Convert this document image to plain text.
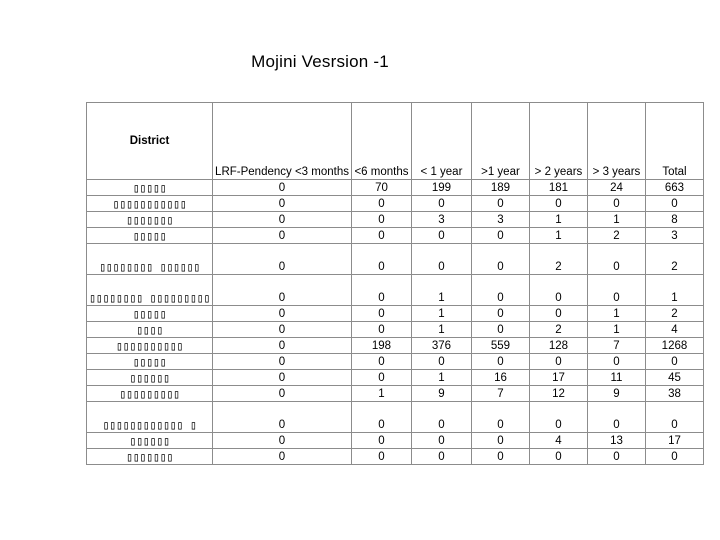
Mojini Vesrsion -1
District	LRF-Pendency <3 months	<6 months	< 1 year	>1 year	> 2 years	> 3 years	Total
▯▯▯▯▯	0	70	199	189	181	24	663
▯▯▯▯▯▯▯▯▯▯▯	0	0	0	0	0	0	0
▯▯▯▯▯▯▯	0	0	3	3	1	1	8
▯▯▯▯▯	0	0	0	0	1	2	3
▯▯▯▯▯▯▯▯ ▯▯▯▯▯▯	0	0	0	0	2	0	2
▯▯▯▯▯▯▯▯ ▯▯▯▯▯▯▯▯▯	0	0	1	0	0	0	1
▯▯▯▯▯	0	0	1	0	0	1	2
▯▯▯▯	0	0	1	0	2	1	4
▯▯▯▯▯▯▯▯▯▯	0	198	376	559	128	7	1268
▯▯▯▯▯	0	0	0	0	0	0	0
▯▯▯▯▯▯	0	0	1	16	17	11	45
▯▯▯▯▯▯▯▯▯	0	1	9	7	12	9	38
▯▯▯▯▯▯▯▯▯▯▯▯ ▯	0	0	0	0	0	0	0
▯▯▯▯▯▯	0	0	0	0	4	13	17
▯▯▯▯▯▯▯	0	0	0	0	0	0	0
